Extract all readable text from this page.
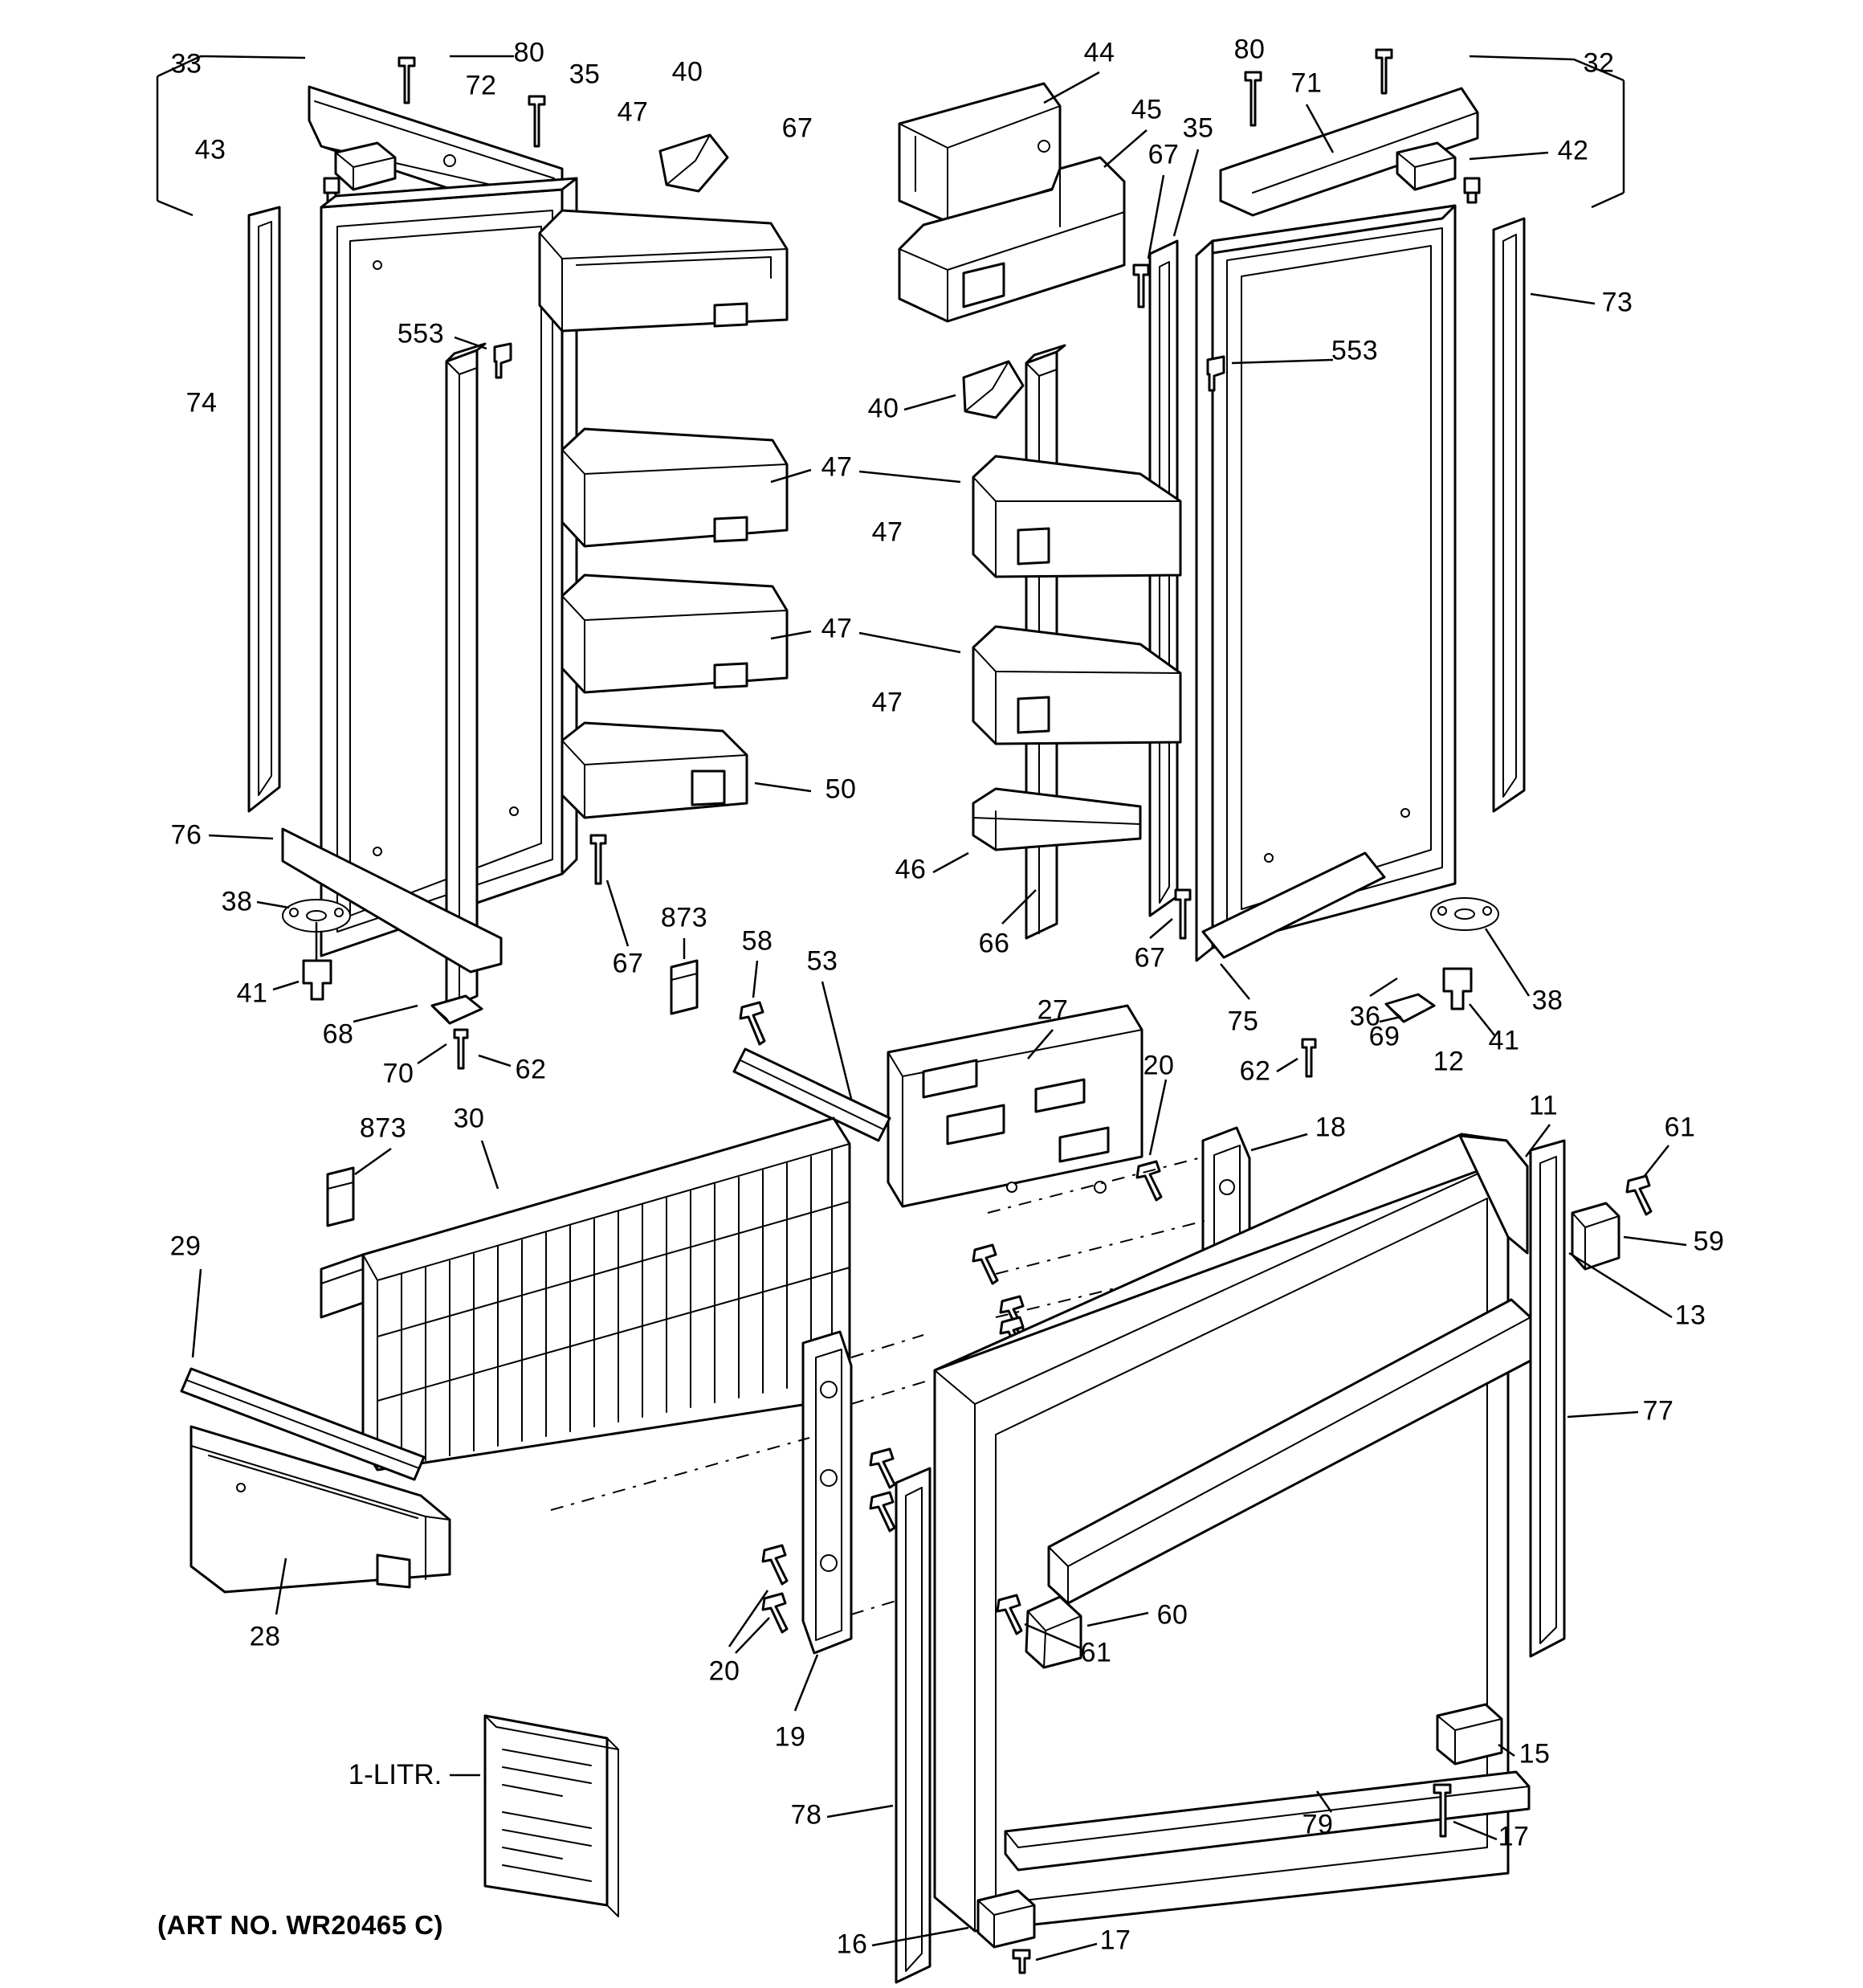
33	80
35	40
44	80
71
32
72
47
67
45
35
43	67	42
73
553
553
74	40
47
47
47
47
50
46
76
38
41
68
70	62
67
873
58
53
66	67
75	36
69
62
41
38
27
20
18
12
11
61
873 30
59
13
29
77
60
61
28
20
19
15
17
79
78
16	17
1-LITR.
(ART NO. WR20465 C)
